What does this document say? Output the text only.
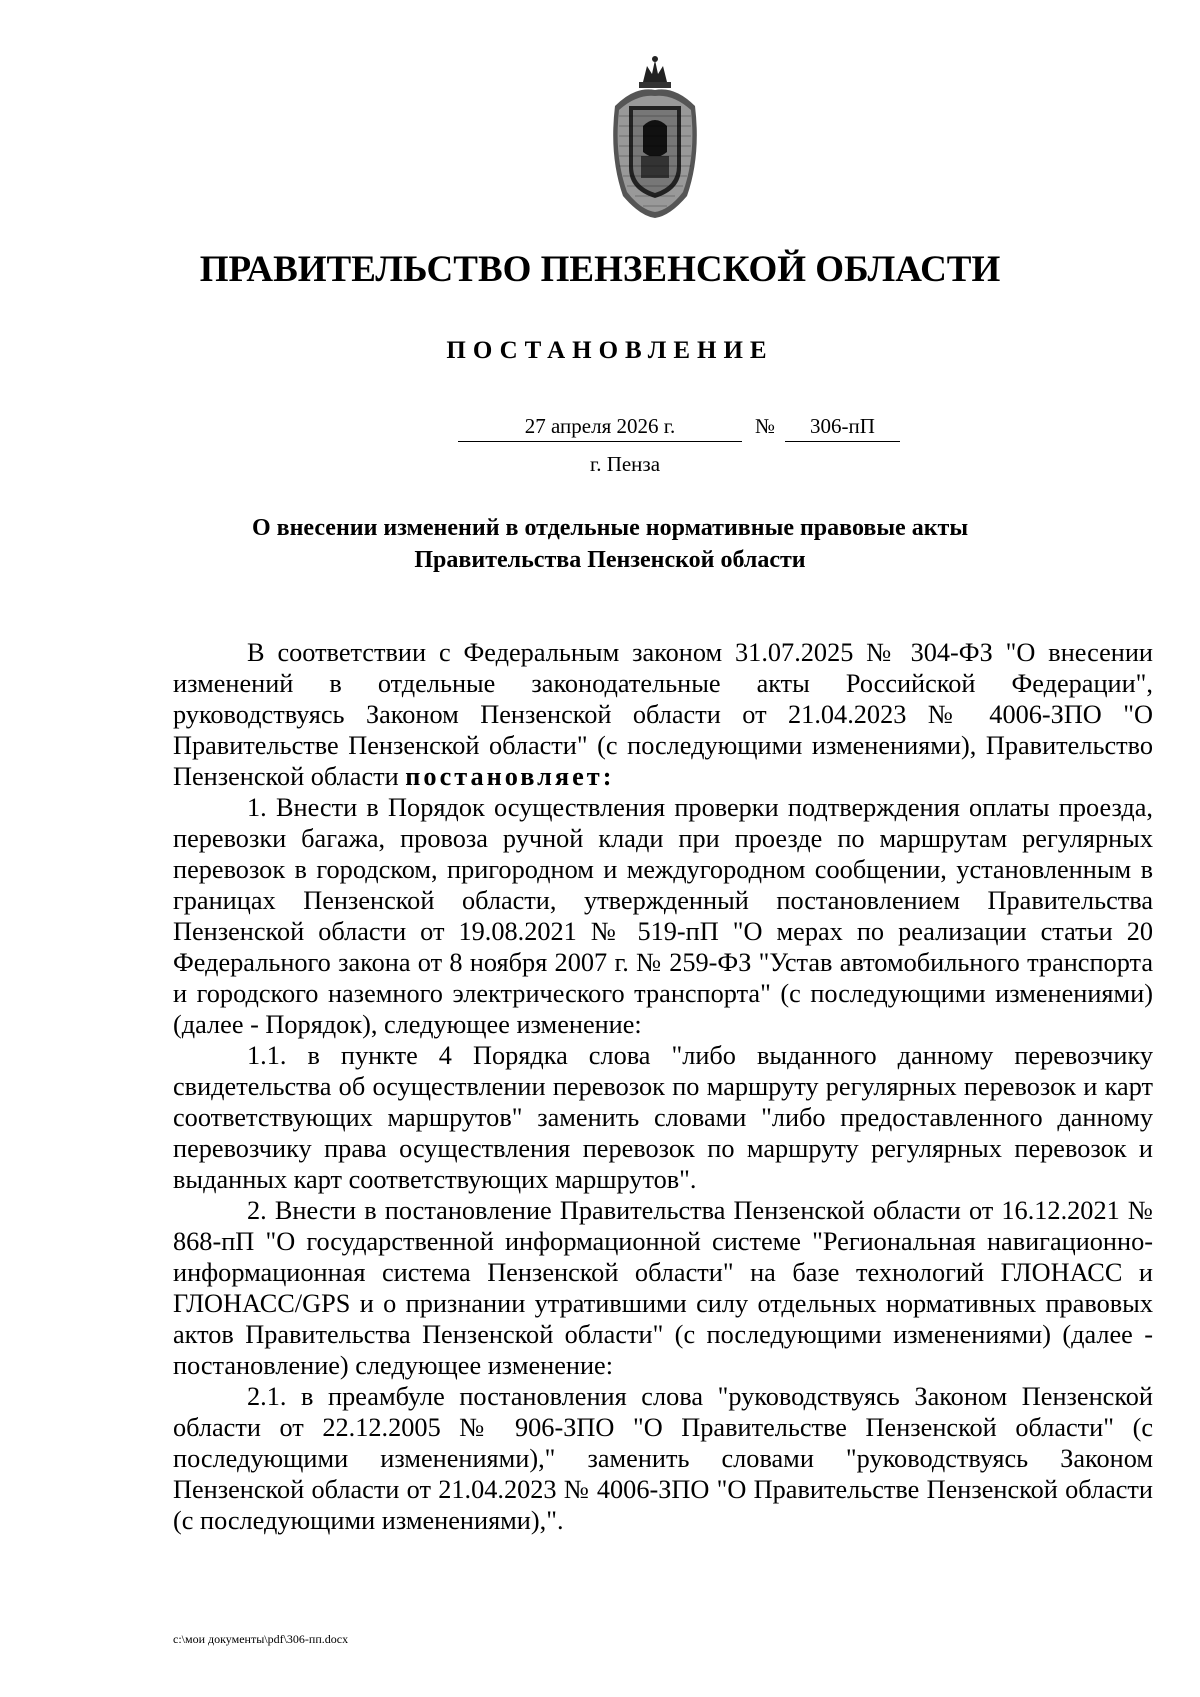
ПРАВИТЕЛЬСТВО ПЕНЗЕНСКОЙ ОБЛАСТИ
ПОСТАНОВЛЕНИЕ
27 апреля 2026 г.	№	306-пП
г. Пенза
О внесении изменений в отдельные нормативные правовые акты
Правительства Пензенской области

В соответствии с Федеральным законом 31.07.2025 № 304-ФЗ "О внесении изменений в отдельные законодательные акты Российской Федерации", руководствуясь Законом Пензенской области от 21.04.2023 № 4006-ЗПО "О Правительстве Пензенской области" (с последующими изменениями), Правительство Пензенской области постановляет:

1. Внести в Порядок осуществления проверки подтверждения оплаты проезда, перевозки багажа, провоза ручной клади при проезде по маршрутам регулярных перевозок в городском, пригородном и междугородном сообщении, установленным в границах Пензенской области, утвержденный постановлением Правительства Пензенской области от 19.08.2021 № 519-пП "О мерах по реализации статьи 20 Федерального закона от 8 ноября 2007 г. № 259-ФЗ "Устав автомобильного транспорта и городского наземного электрического транспорта" (с последующими изменениями) (далее - Порядок), следующее изменение:

1.1. в пункте 4 Порядка слова "либо выданного данному перевозчику свидетельства об осуществлении перевозок по маршруту регулярных перевозок и карт соответствующих маршрутов" заменить словами "либо предоставленного данному перевозчику права осуществления перевозок по маршруту регулярных перевозок и выданных карт соответствующих маршрутов".

2. Внести в постановление Правительства Пензенской области от 16.12.2021 № 868-пП "О государственной информационной системе "Региональная навигационно-информационная система Пензенской области" на базе технологий ГЛОНАСС и ГЛОНАСС/GPS и о признании утратившими силу отдельных нормативных правовых актов Правительства Пензенской области" (с последующими изменениями) (далее - постановление) следующее изменение:

2.1. в преамбуле постановления слова "руководствуясь Законом Пензенской области от 22.12.2005 № 906-ЗПО "О Правительстве Пензенской области" (с последующими изменениями)," заменить словами "руководствуясь Законом Пензенской области от 21.04.2023 № 4006-ЗПО "О Правительстве Пензенской области (с последующими изменениями),".

c:\мои документы\pdf\306-пп.docx
